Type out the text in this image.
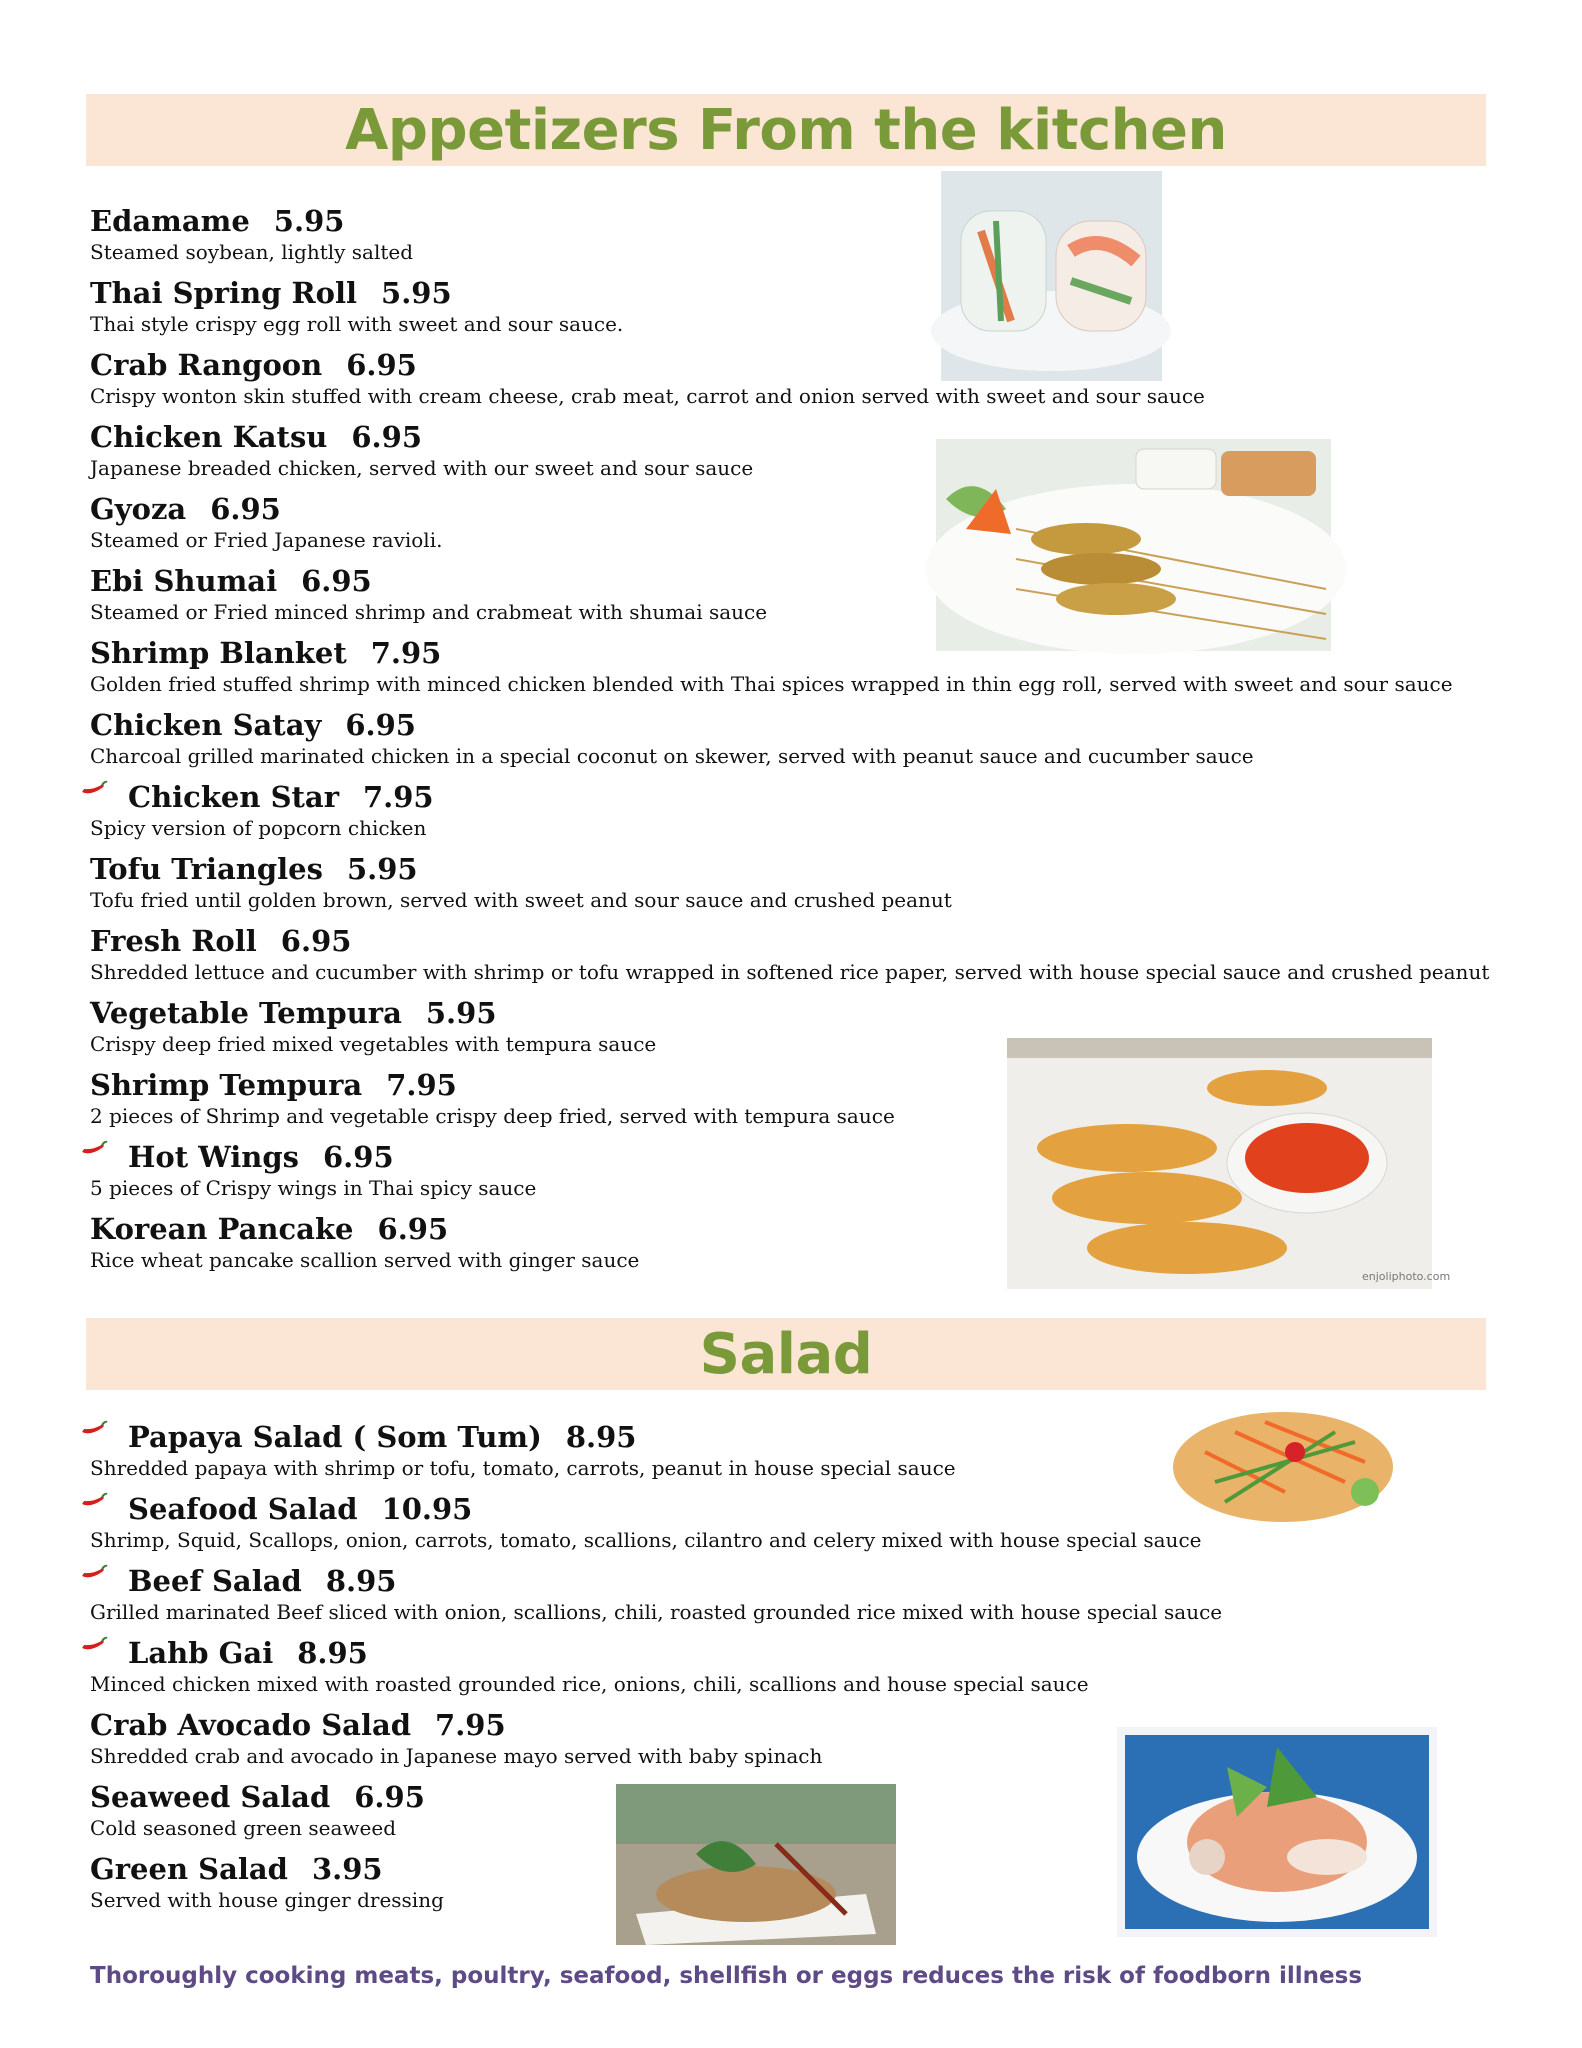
Appetizers From the kitchen
Edamame 5.95
Steamed soybean, lightly salted
Thai Spring Roll 5.95
Thai style crispy egg roll with sweet and sour sauce.
Crab Rangoon 6.95
Crispy wonton skin stuffed with cream cheese, crab meat, carrot and onion served with sweet and sour sauce
Chicken Katsu 6.95
Japanese breaded chicken, served with our sweet and sour sauce
Gyoza 6.95
Steamed or Fried Japanese ravioli.
Ebi Shumai 6.95
Steamed or Fried minced shrimp and crabmeat with shumai sauce
Shrimp Blanket 7.95
Golden fried stuffed shrimp with minced chicken blended with Thai spices wrapped in thin egg roll, served with sweet and sour sauce
Chicken Satay 6.95
Charcoal grilled marinated chicken in a special coconut on skewer, served with peanut sauce and cucumber sauce
Chicken Star 7.95
Spicy version of popcorn chicken
Tofu Triangles 5.95
Tofu fried until golden brown, served with sweet and sour sauce and crushed peanut
Fresh Roll 6.95
Shredded lettuce and cucumber with shrimp or tofu wrapped in softened rice paper, served with house special sauce and crushed peanut
Vegetable Tempura 5.95
Crispy deep fried mixed vegetables with tempura sauce
Shrimp Tempura 7.95
2 pieces of Shrimp and vegetable crispy deep fried, served with tempura sauce
Hot Wings 6.95
5 pieces of Crispy wings in Thai spicy sauce
Korean Pancake 6.95
Rice wheat pancake scallion served with ginger sauce
Salad
Papaya Salad ( Som Tum) 8.95
Shredded papaya with shrimp or tofu, tomato, carrots, peanut in house special sauce
Seafood Salad 10.95
Shrimp, Squid, Scallops, onion, carrots, tomato, scallions, cilantro and celery mixed with house special sauce
Beef Salad 8.95
Grilled marinated Beef sliced with onion, scallions, chili, roasted grounded rice mixed with house special sauce
Lahb Gai 8.95
Minced chicken mixed with roasted grounded rice, onions, chili, scallions and house special sauce
Crab Avocado Salad 7.95
Shredded crab and avocado in Japanese mayo served with baby spinach
Seaweed Salad 6.95
Cold seasoned green seaweed
Green Salad 3.95
Served with house ginger dressing
enjoliphoto.com
Thoroughly cooking meats, poultry, seafood, shellfish or eggs reduces the risk of foodborn illness
